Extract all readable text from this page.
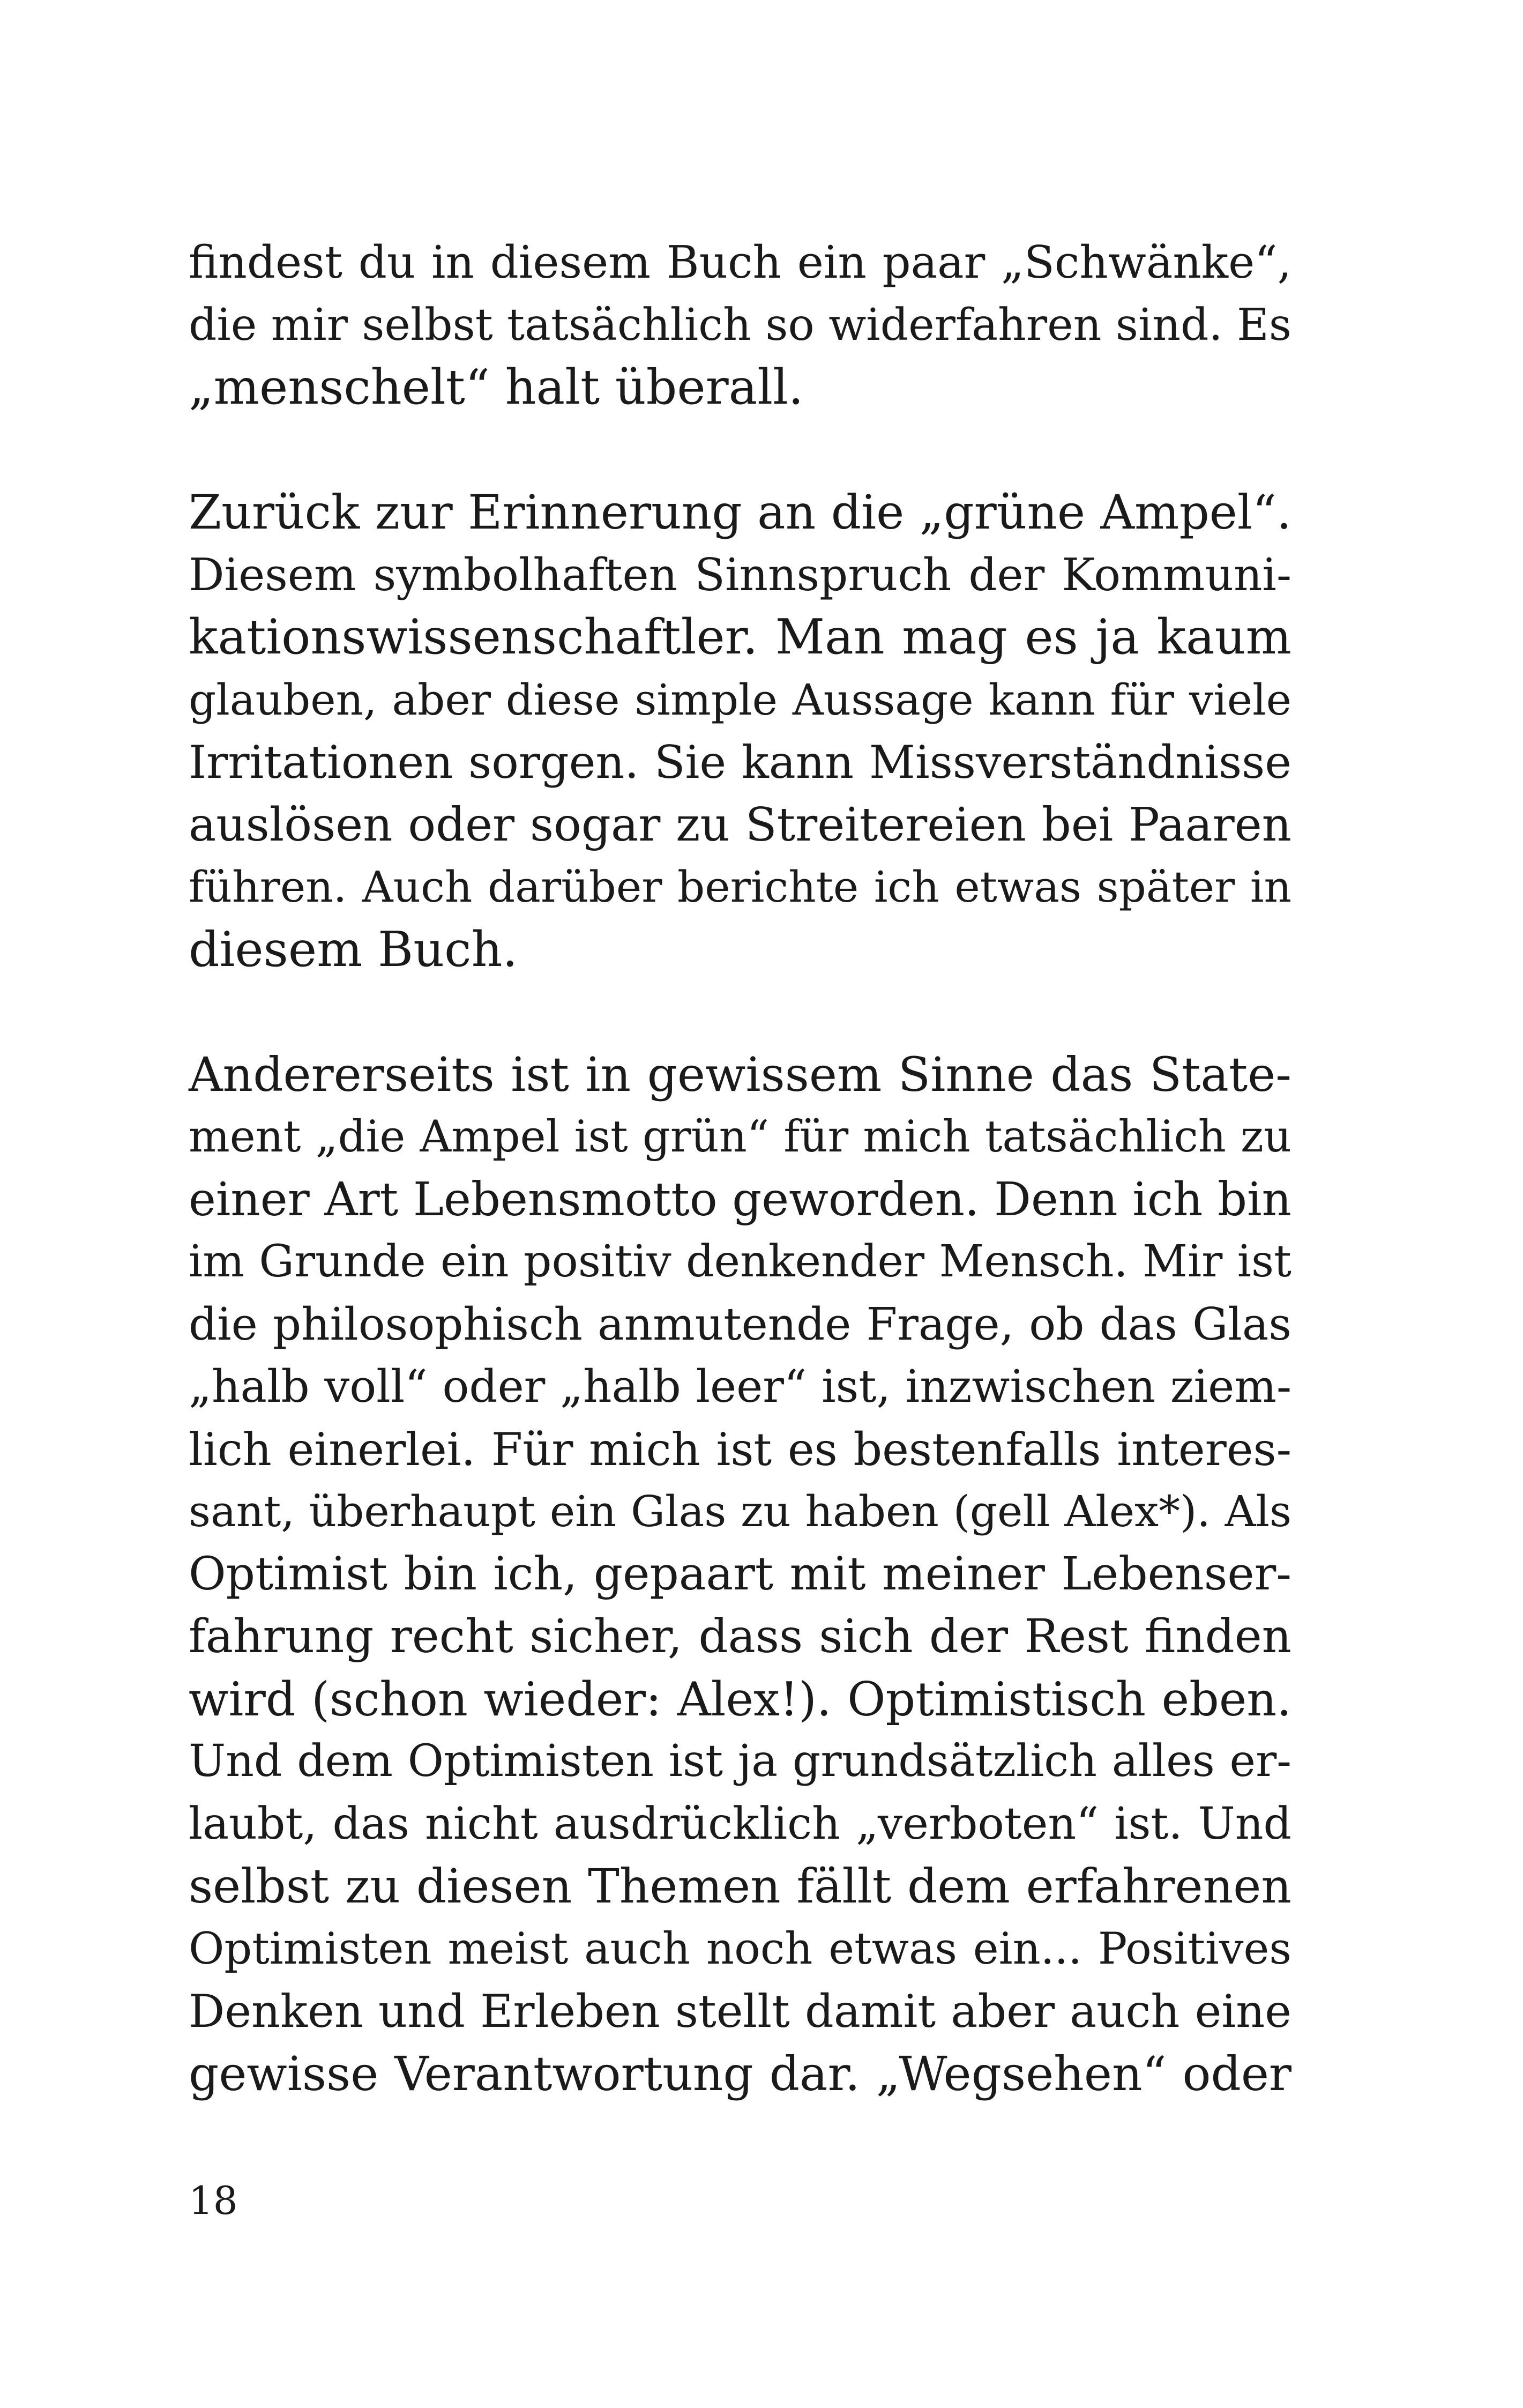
findest du in diesem Buch ein paar „Schwänke“,
die mir selbst tatsächlich so widerfahren sind. Es
„menschelt“ halt überall.
Zurück zur Erinnerung an die „grüne Ampel“.
Diesem symbolhaften Sinnspruch der Kommuni-
kationswissenschaftler. Man mag es ja kaum
glauben, aber diese simple Aussage kann für viele
Irritationen sorgen. Sie kann Missverständnisse
auslösen oder sogar zu Streitereien bei Paaren
führen. Auch darüber berichte ich etwas später in
diesem Buch.
Andererseits ist in gewissem Sinne das State-
ment „die Ampel ist grün“ für mich tatsächlich zu
einer Art Lebensmotto geworden. Denn ich bin
im Grunde ein positiv denkender Mensch. Mir ist
die philosophisch anmutende Frage, ob das Glas
„halb voll“ oder „halb leer“ ist, inzwischen ziem-
lich einerlei. Für mich ist es bestenfalls interes-
sant, überhaupt ein Glas zu haben (gell Alex*). Als
Optimist bin ich, gepaart mit meiner Lebenser-
fahrung recht sicher, dass sich der Rest finden
wird (schon wieder: Alex!). Optimistisch eben.
Und dem Optimisten ist ja grundsätzlich alles er-
laubt, das nicht ausdrücklich „verboten“ ist. Und
selbst zu diesen Themen fällt dem erfahrenen
Optimisten meist auch noch etwas ein... Positives
Denken und Erleben stellt damit aber auch eine
gewisse Verantwortung dar. „Wegsehen“ oder
18
